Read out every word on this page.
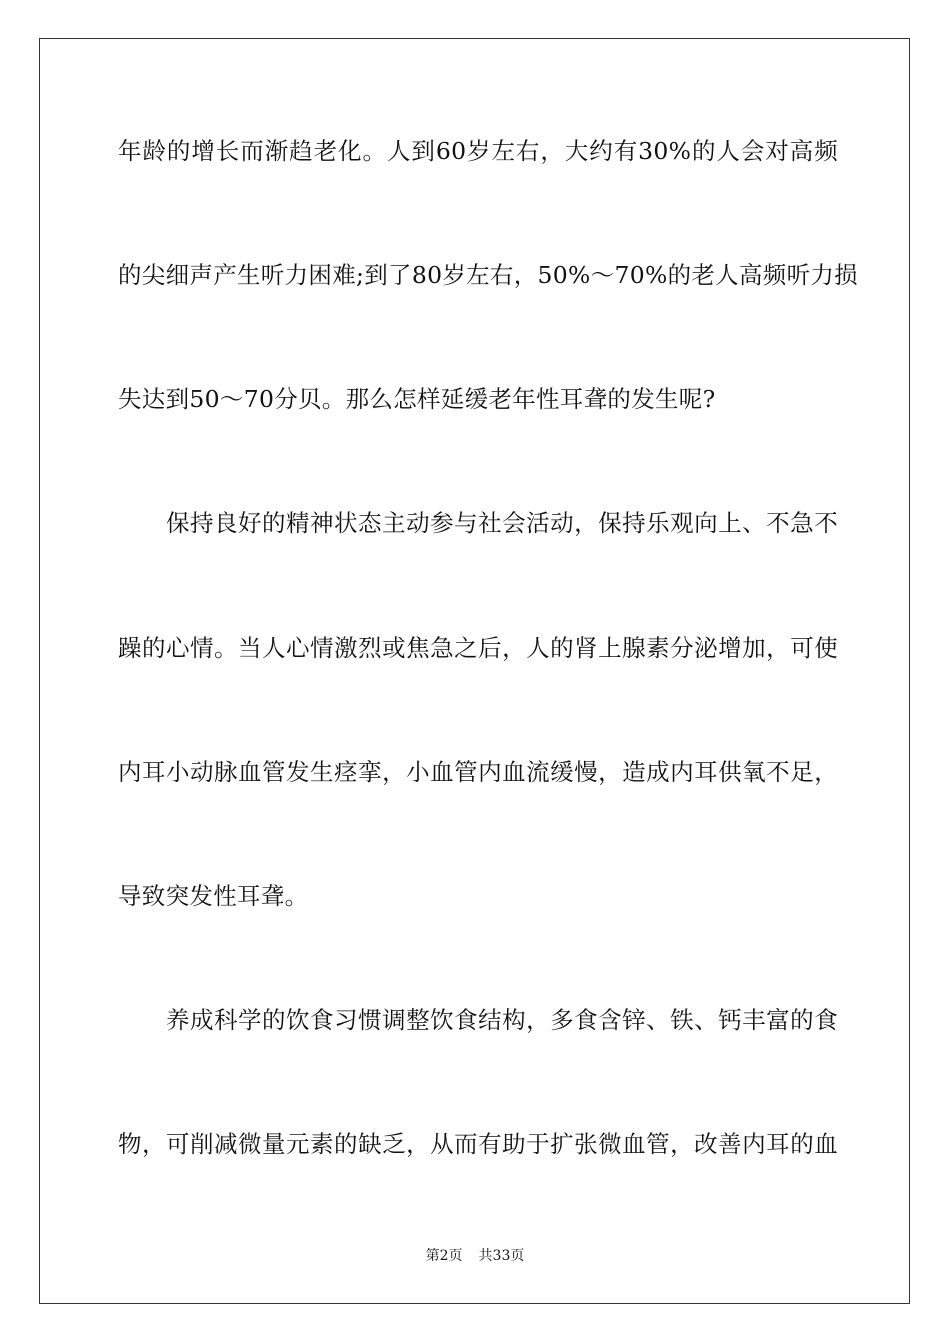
年龄的增长而渐趋老化。人到60岁左右，大约有30%的人会对高频
的尖细声产生听力困难;到了80岁左右，50%～70%的老人高频听力损
失达到50～70分贝。那么怎样延缓老年性耳聋的发生呢?
保持良好的精神状态主动参与社会活动，保持乐观向上、不急不
躁的心情。当人心情激烈或焦急之后，人的肾上腺素分泌增加，可使
内耳小动脉血管发生痉挛，小血管内血流缓慢，造成内耳供氧不足，
导致突发性耳聋。
养成科学的饮食习惯调整饮食结构，多食含锌、铁、钙丰富的食
物，可削减微量元素的缺乏，从而有助于扩张微血管，改善内耳的血
第2页 共33页
